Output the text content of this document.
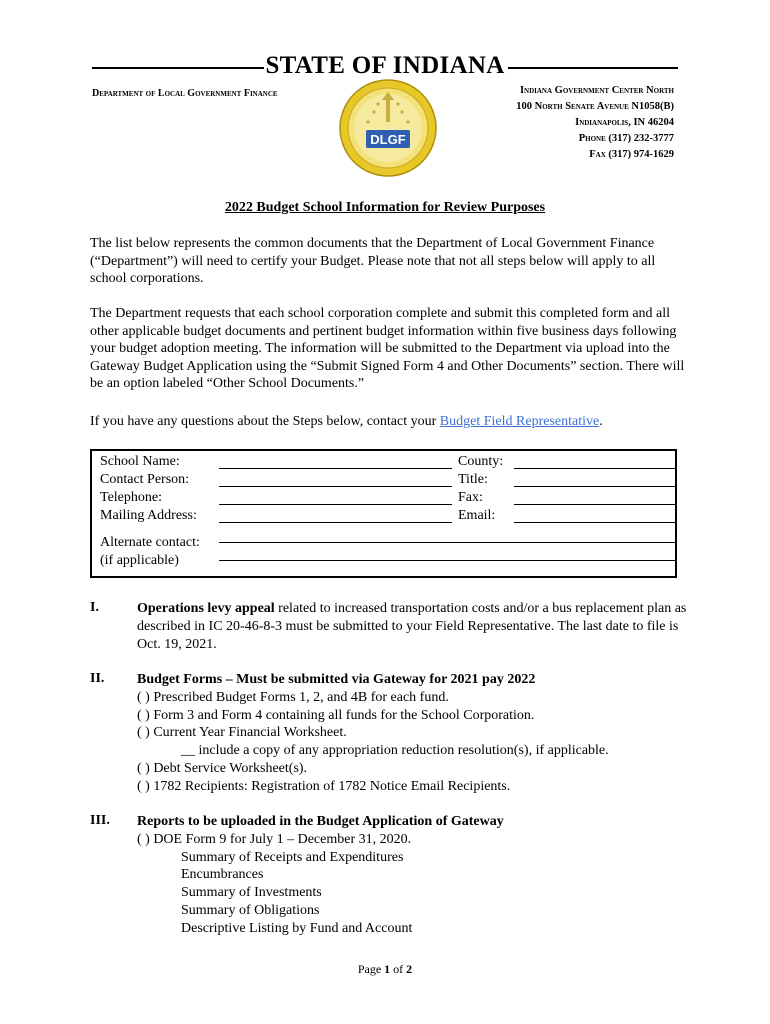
STATE OF INDIANA
Department of Local Government Finance
DLGF
Indiana Government Center North
100 North Senate Avenue N1058(B)
Indianapolis, IN 46204
Phone (317) 232-3777
Fax (317) 974-1629
2022 Budget School Information for Review Purposes
The list below represents the common documents that the Department of Local Government Finance (“Department”) will need to certify your Budget. Please note that not all steps below will apply to all school corporations.
The Department requests that each school corporation complete and submit this completed form and all other applicable budget documents and pertinent budget information within five business days following your budget adoption meeting. The information will be submitted to the Department via upload into the Gateway Budget Application using the “Submit Signed Form 4 and Other Documents” section. There will be an option labeled “Other School Documents.”
If you have any questions about the Steps below, contact your Budget Field Representative.
School Name:
Contact Person:
Telephone:
Mailing Address:
County:
Title:
Fax:
Email:
Alternate contact:
(if applicable)
I.	Operations levy appeal related to increased transportation costs and/or a bus replacement plan as described in IC 20-46-8-3 must be submitted to your Field Representative. The last date to file is Oct. 19, 2021.
II. Budget Forms – Must be submitted via Gateway for 2021 pay 2022
( ) Prescribed Budget Forms 1, 2, and 4B for each fund.
( ) Form 3 and Form 4 containing all funds for the School Corporation.
( ) Current Year Financial Worksheet.
__ include a copy of any appropriation reduction resolution(s), if applicable.
( ) Debt Service Worksheet(s).
( ) 1782 Recipients: Registration of 1782 Notice Email Recipients.
III. Reports to be uploaded in the Budget Application of Gateway
( ) DOE Form 9 for July 1 – December 31, 2020.
Summary of Receipts and Expenditures
Encumbrances
Summary of Investments
Summary of Obligations
Descriptive Listing by Fund and Account
Page 1 of 2
